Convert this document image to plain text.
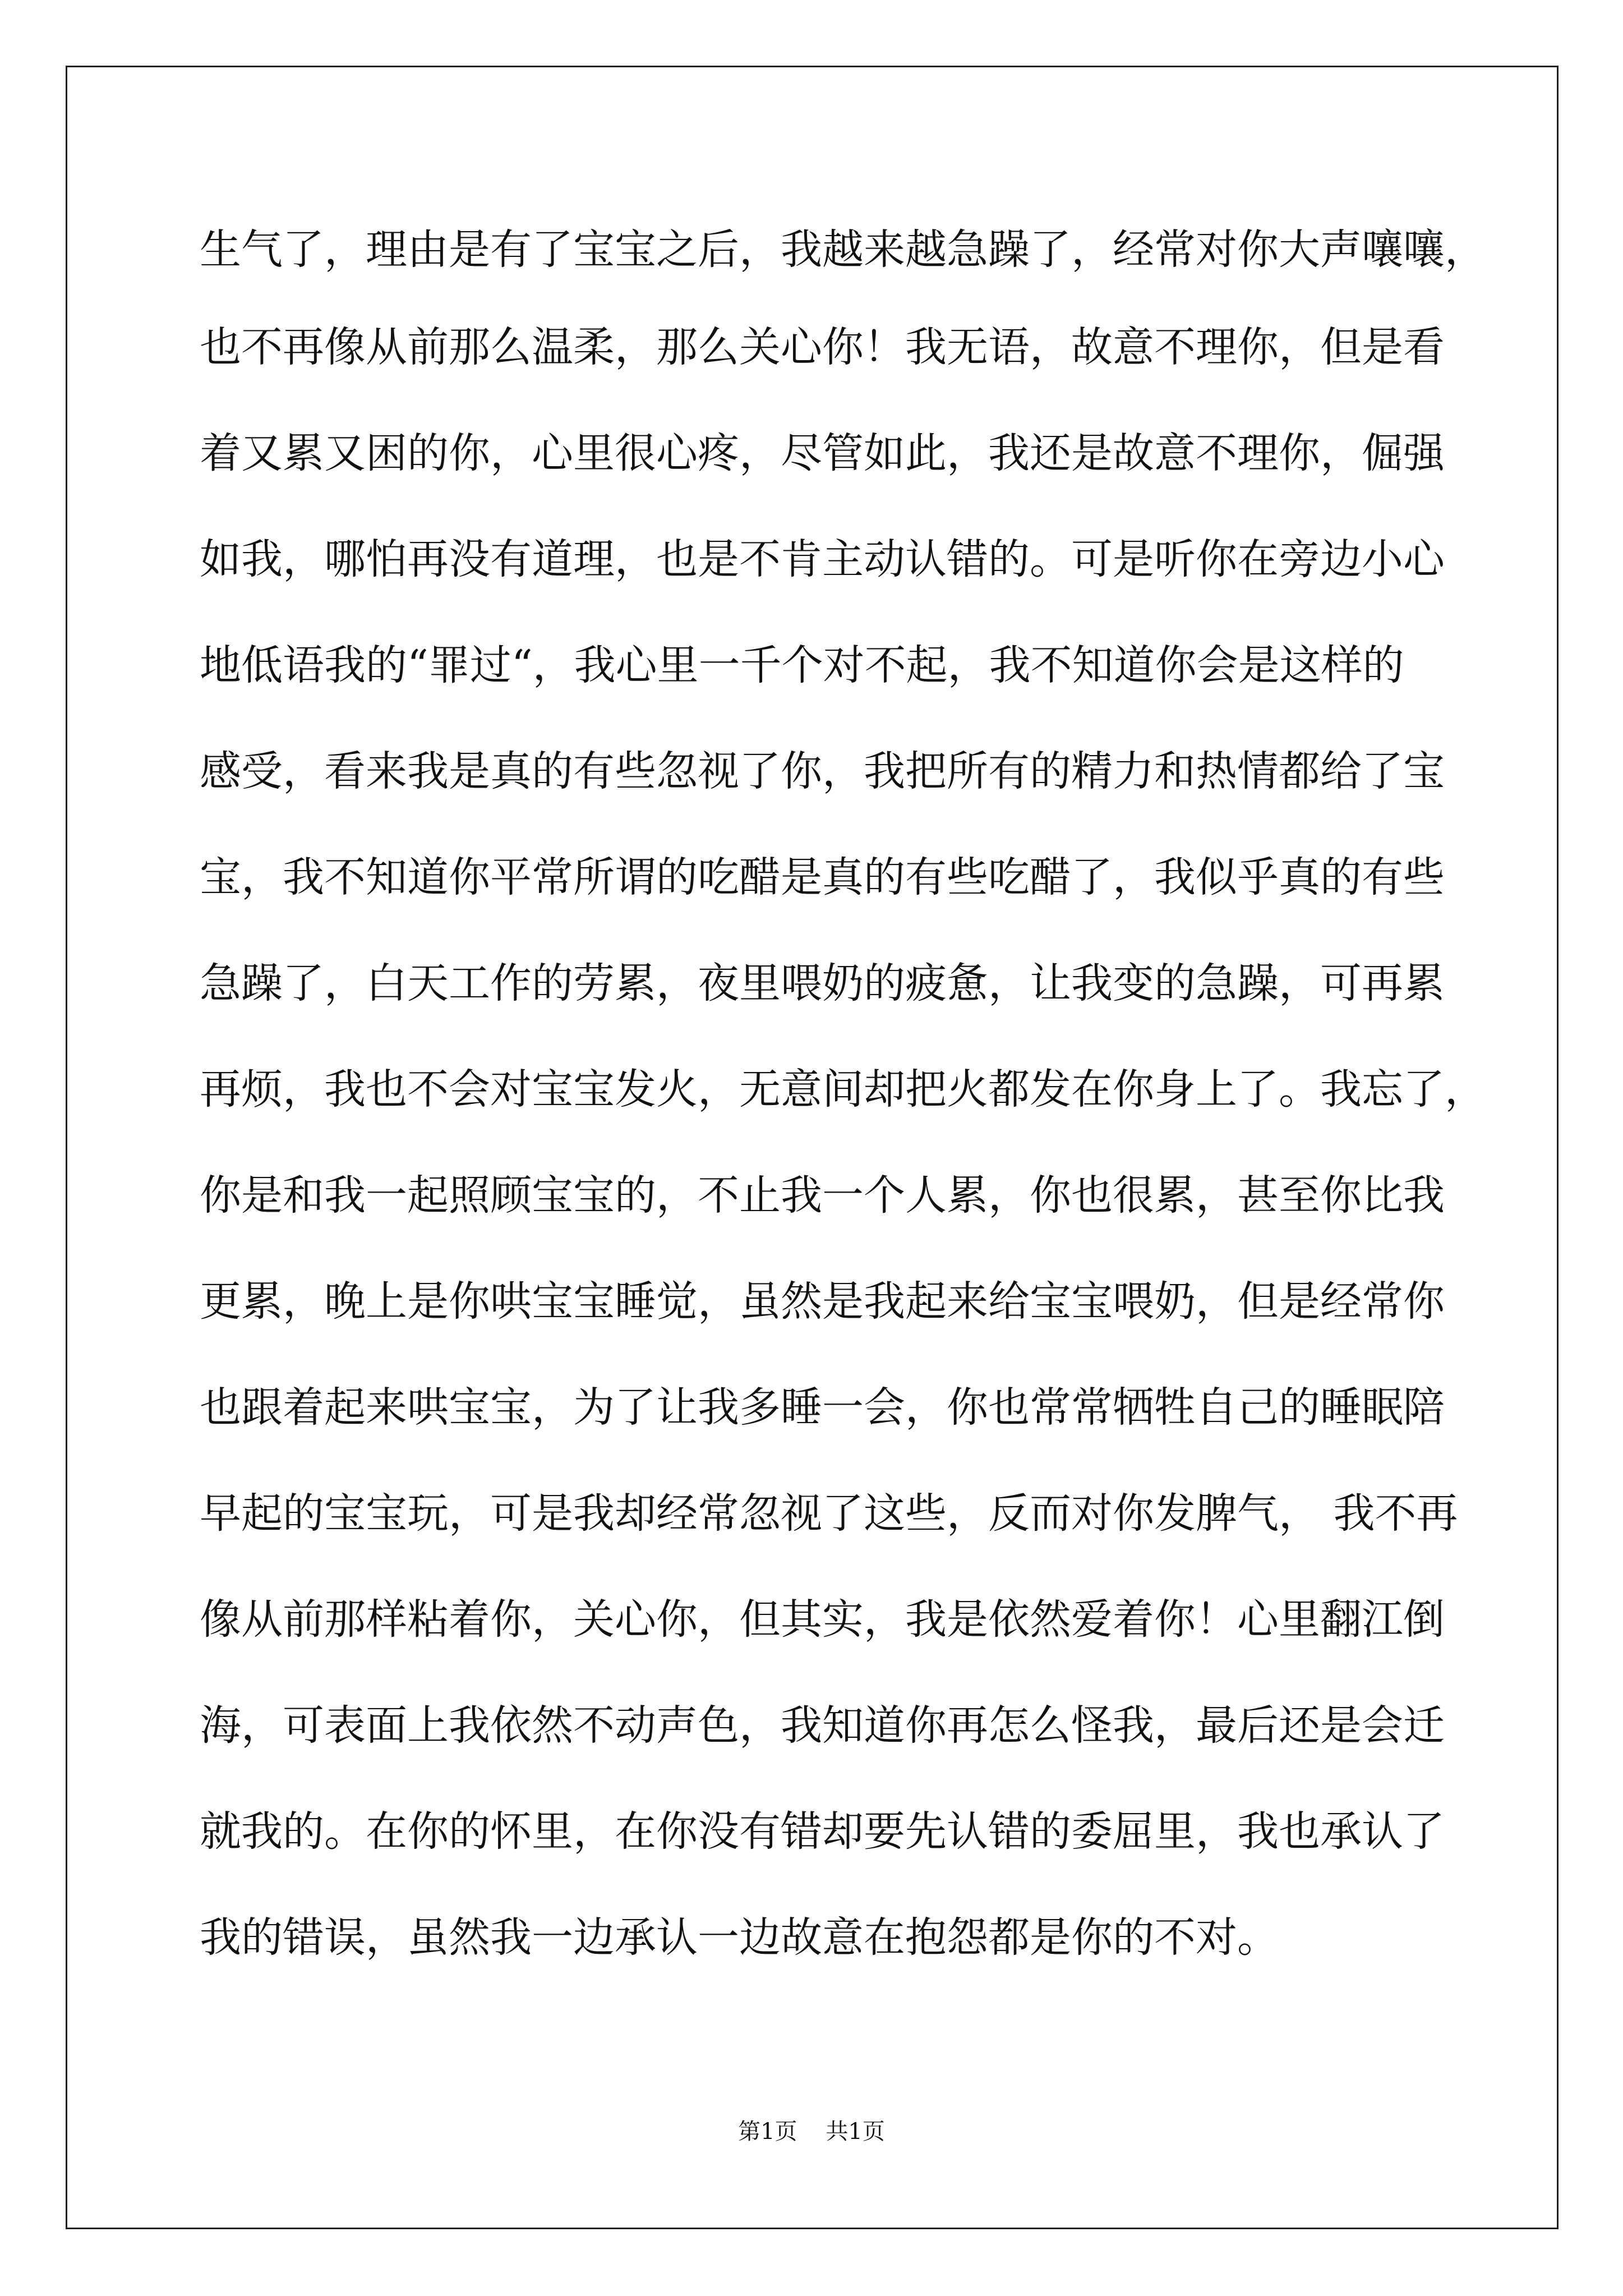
生气了，理由是有了宝宝之后，我越来越急躁了，经常对你大声嚷嚷，

也不再像从前那么温柔，那么关心你！我无语，故意不理你，但是看

着又累又困的你，心里很心疼，尽管如此，我还是故意不理你，倔强

如我，哪怕再没有道理，也是不肯主动认错的。可是听你在旁边小心

地低语我的“罪过“，我心里一千个对不起，我不知道你会是这样的

感受，看来我是真的有些忽视了你，我把所有的精力和热情都给了宝

宝，我不知道你平常所谓的吃醋是真的有些吃醋了，我似乎真的有些

急躁了，白天工作的劳累，夜里喂奶的疲惫，让我变的急躁，可再累

再烦，我也不会对宝宝发火，无意间却把火都发在你身上了。我忘了，

你是和我一起照顾宝宝的，不止我一个人累，你也很累，甚至你比我

更累，晚上是你哄宝宝睡觉，虽然是我起来给宝宝喂奶，但是经常你

也跟着起来哄宝宝，为了让我多睡一会，你也常常牺牲自己的睡眠陪

早起的宝宝玩，可是我却经常忽视了这些，反而对你发脾气， 我不再

像从前那样粘着你，关心你，但其实，我是依然爱着你！心里翻江倒

海，可表面上我依然不动声色，我知道你再怎么怪我，最后还是会迁

就我的。在你的怀里，在你没有错却要先认错的委屈里，我也承认了

我的错误，虽然我一边承认一边故意在抱怨都是你的不对。

第1页 共1页
